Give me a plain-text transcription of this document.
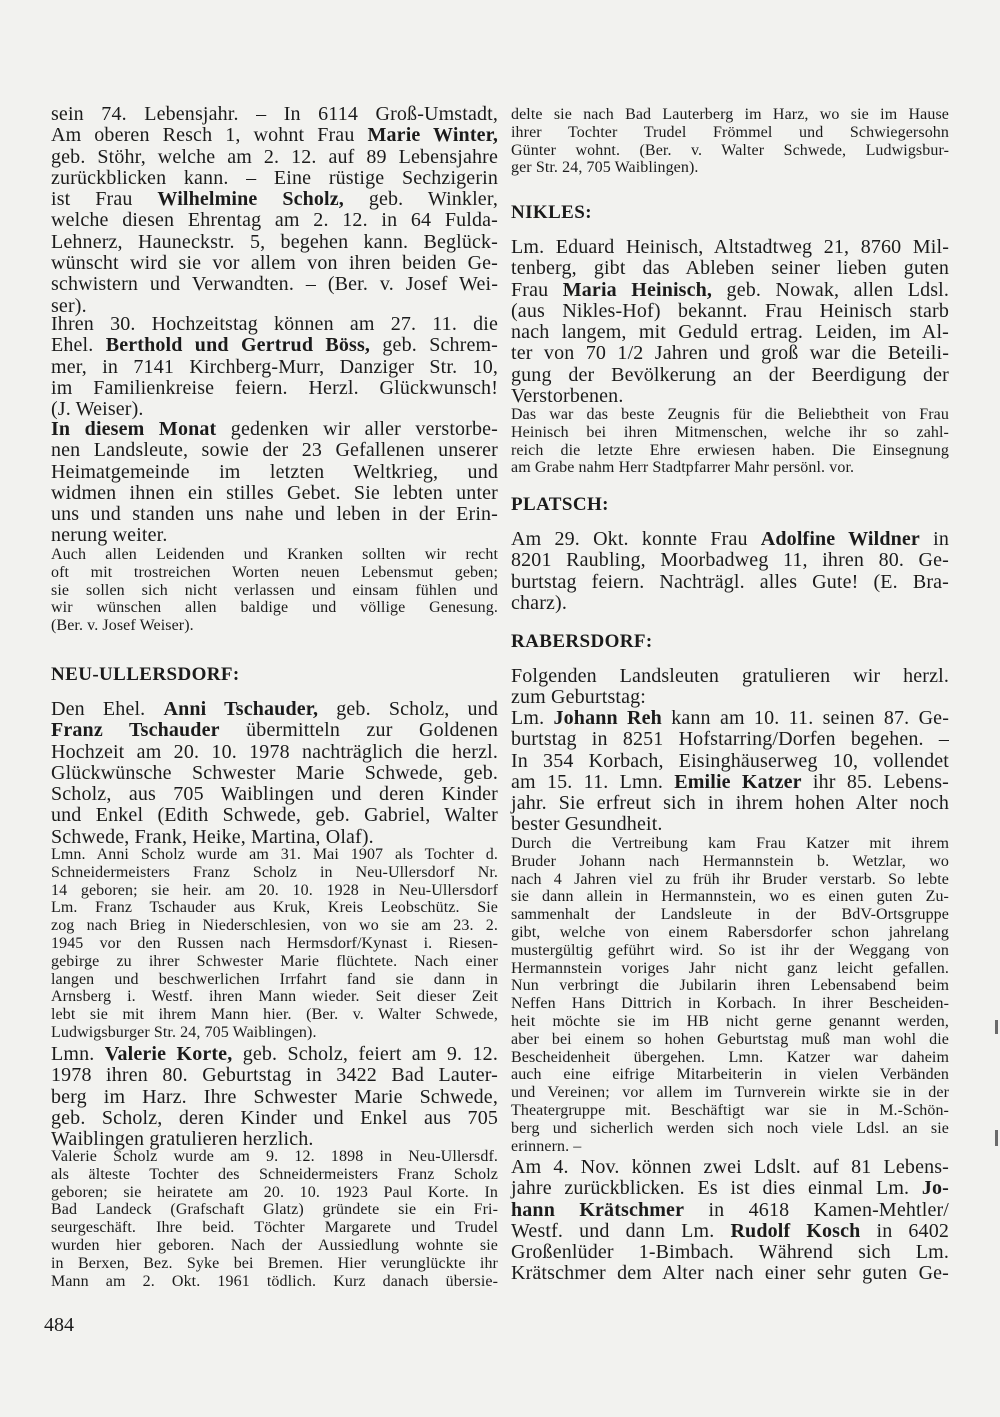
sein 74. Lebensjahr. – In 6114 Groß-Umstadt,
Am oberen Resch 1, wohnt Frau Marie Winter,
geb. Stöhr, welche am 2. 12. auf 89 Lebensjahre
zurückblicken kann. – Eine rüstige Sechzigerin
ist Frau Wilhelmine Scholz, geb. Winkler,
welche diesen Ehrentag am 2. 12. in 64 Fulda-
Lehnerz, Hauneckstr. 5, begehen kann. Beglück-
wünscht wird sie vor allem von ihren beiden Ge-
schwistern und Verwandten. – (Ber. v. Josef Wei-
ser).
Ihren 30. Hochzeitstag können am 27. 11. die
Ehel. Berthold und Gertrud Böss, geb. Schrem-
mer, in 7141 Kirchberg-Murr, Danziger Str. 10,
im Familienkreise feiern. Herzl. Glückwunsch!
(J. Weiser).
In diesem Monat gedenken wir aller verstorbe-
nen Landsleute, sowie der 23 Gefallenen unserer
Heimatgemeinde im letzten Weltkrieg, und
widmen ihnen ein stilles Gebet. Sie lebten unter
uns und standen uns nahe und leben in der Erin-
nerung weiter.
Auch allen Leidenden und Kranken sollten wir recht
oft mit trostreichen Worten neuen Lebensmut geben;
sie sollen sich nicht verlassen und einsam fühlen und
wir wünschen allen baldige und völlige Genesung.
(Ber. v. Josef Weiser).
NEU-ULLERSDORF:
Den Ehel. Anni Tschauder, geb. Scholz, und
Franz Tschauder übermitteln zur Goldenen
Hochzeit am 20. 10. 1978 nachträglich die herzl.
Glückwünsche Schwester Marie Schwede, geb.
Scholz, aus 705 Waiblingen und deren Kinder
und Enkel (Edith Schwede, geb. Gabriel, Walter
Schwede, Frank, Heike, Martina, Olaf).
Lmn. Anni Scholz wurde am 31. Mai 1907 als Tochter d.
Schneidermeisters Franz Scholz in Neu-Ullersdorf Nr.
14 geboren; sie heir. am 20. 10. 1928 in Neu-Ullersdorf
Lm. Franz Tschauder aus Kruk, Kreis Leobschütz. Sie
zog nach Brieg in Niederschlesien, von wo sie am 23. 2.
1945 vor den Russen nach Hermsdorf/Kynast i. Riesen-
gebirge zu ihrer Schwester Marie flüchtete. Nach einer
langen und beschwerlichen Irrfahrt fand sie dann in
Arnsberg i. Westf. ihren Mann wieder. Seit dieser Zeit
lebt sie mit ihrem Mann hier. (Ber. v. Walter Schwede,
Ludwigsburger Str. 24, 705 Waiblingen).
Lmn. Valerie Korte, geb. Scholz, feiert am 9. 12.
1978 ihren 80. Geburtstag in 3422 Bad Lauter-
berg im Harz. Ihre Schwester Marie Schwede,
geb. Scholz, deren Kinder und Enkel aus 705
Waiblingen gratulieren herzlich.
Valerie Scholz wurde am 9. 12. 1898 in Neu-Ullersdf.
als älteste Tochter des Schneidermeisters Franz Scholz
geboren; sie heiratete am 20. 10. 1923 Paul Korte. In
Bad Landeck (Grafschaft Glatz) gründete sie ein Fri-
seurgeschäft. Ihre beid. Töchter Margarete und Trudel
wurden hier geboren. Nach der Aussiedlung wohnte sie
in Berxen, Bez. Syke bei Bremen. Hier verunglückte ihr
Mann am 2. Okt. 1961 tödlich. Kurz danach übersie-
delte sie nach Bad Lauterberg im Harz, wo sie im Hause
ihrer Tochter Trudel Frömmel und Schwiegersohn
Günter wohnt. (Ber. v. Walter Schwede, Ludwigsbur-
ger Str. 24, 705 Waiblingen).
NIKLES:
Lm. Eduard Heinisch, Altstadtweg 21, 8760 Mil-
tenberg, gibt das Ableben seiner lieben guten
Frau Maria Heinisch, geb. Nowak, allen Ldsl.
(aus Nikles-Hof) bekannt. Frau Heinisch starb
nach langem, mit Geduld ertrag. Leiden, im Al-
ter von 70 1/2 Jahren und groß war die Beteili-
gung der Bevölkerung an der Beerdigung der
Verstorbenen.
Das war das beste Zeugnis für die Beliebtheit von Frau
Heinisch bei ihren Mitmenschen, welche ihr so zahl-
reich die letzte Ehre erwiesen haben. Die Einsegnung
am Grabe nahm Herr Stadtpfarrer Mahr persönl. vor.
PLATSCH:
Am 29. Okt. konnte Frau Adolfine Wildner in
8201 Raubling, Moorbadweg 11, ihren 80. Ge-
burtstag feiern. Nachträgl. alles Gute! (E. Bra-
charz).
RABERSDORF:
Folgenden Landsleuten gratulieren wir herzl.
zum Geburtstag:
Lm. Johann Reh kann am 10. 11. seinen 87. Ge-
burtstag in 8251 Hofstarring/Dorfen begehen. –
In 354 Korbach, Eisinghäuserweg 10, vollendet
am 15. 11. Lmn. Emilie Katzer ihr 85. Lebens-
jahr. Sie erfreut sich in ihrem hohen Alter noch
bester Gesundheit.
Durch die Vertreibung kam Frau Katzer mit ihrem
Bruder Johann nach Hermannstein b. Wetzlar, wo
nach 4 Jahren viel zu früh ihr Bruder verstarb. So lebte
sie dann allein in Hermannstein, wo es einen guten Zu-
sammenhalt der Landsleute in der BdV-Ortsgruppe
gibt, welche von einem Rabersdorfer schon jahrelang
mustergültig geführt wird. So ist ihr der Weggang von
Hermannstein voriges Jahr nicht ganz leicht gefallen.
Nun verbringt die Jubilarin ihren Lebensabend beim
Neffen Hans Dittrich in Korbach. In ihrer Bescheiden-
heit möchte sie im HB nicht gerne genannt werden,
aber bei einem so hohen Geburtstag muß man wohl die
Bescheidenheit übergehen. Lmn. Katzer war daheim
auch eine eifrige Mitarbeiterin in vielen Verbänden
und Vereinen; vor allem im Turnverein wirkte sie in der
Theatergruppe mit. Beschäftigt war sie in M.-Schön-
berg und sicherlich werden sich noch viele Ldsl. an sie
erinnern. –
Am 4. Nov. können zwei Ldslt. auf 81 Lebens-
jahre zurückblicken. Es ist dies einmal Lm. Jo-
hann Krätschmer in 4618 Kamen-Mehtler/
Westf. und dann Lm. Rudolf Kosch in 6402
Großenlüder 1-Bimbach. Während sich Lm.
Krätschmer dem Alter nach einer sehr guten Ge-
484
